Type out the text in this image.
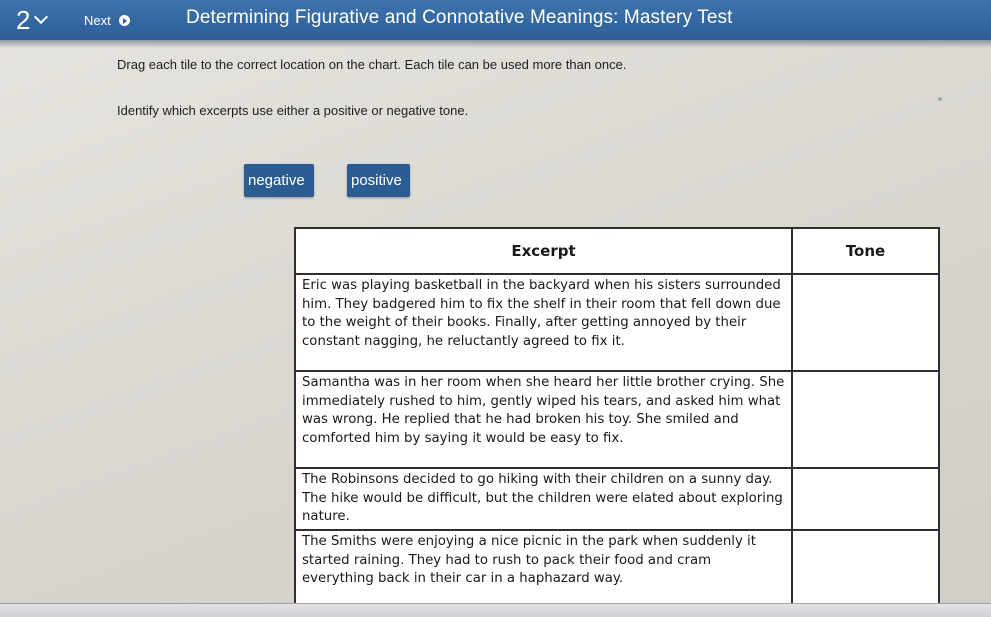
2	Next	Determining Figurative and Connotative Meanings: Mastery Test
Drag each tile to the correct location on the chart. Each tile can be used more than once.
Identify which excerpts use either a positive or negative tone.
negative	positive
Excerpt	Tone
Eric was playing basketball in the backyard when his sisters surrounded him. They badgered him to fix the shelf in their room that fell down due to the weight of their books. Finally, after getting annoyed by their constant nagging, he reluctantly agreed to fix it.	
Samantha was in her room when she heard her little brother crying. She immediately rushed to him, gently wiped his tears, and asked him what was wrong. He replied that he had broken his toy. She smiled and comforted him by saying it would be easy to fix.	
The Robinsons decided to go hiking with their children on a sunny day. The hike would be difficult, but the children were elated about exploring nature.	
The Smiths were enjoying a nice picnic in the park when suddenly it started raining. They had to rush to pack their food and cram everything back in their car in a haphazard way.	
